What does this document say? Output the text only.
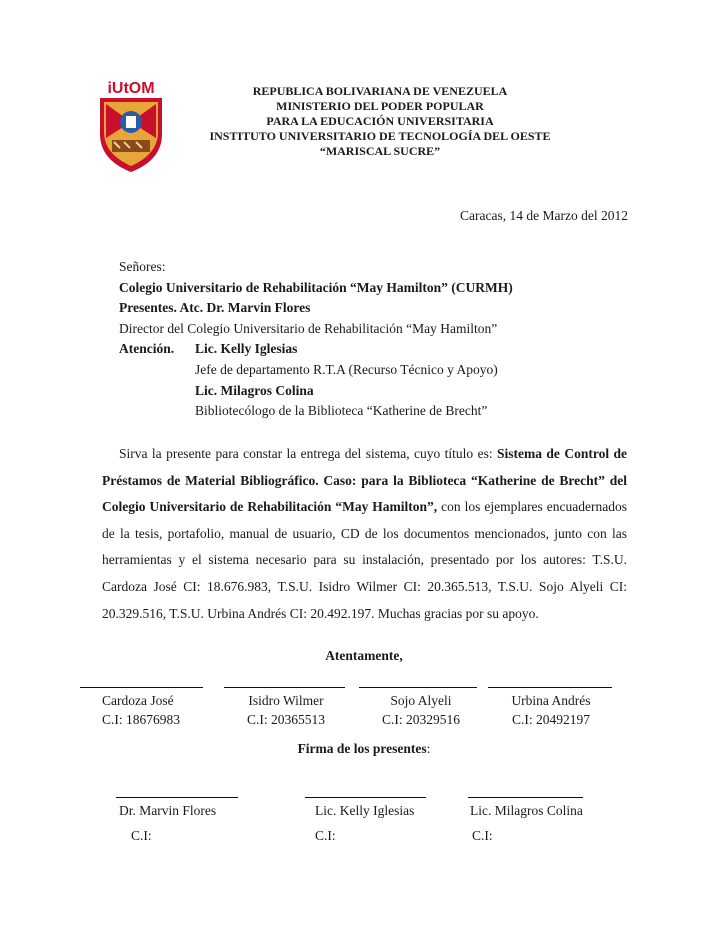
iUtOM	REPUBLICA BOLIVARIANA DE VENEZUELA
MINISTERIO DEL PODER POPULAR
PARA LA EDUCACIÓN UNIVERSITARIA
INSTITUTO UNIVERSITARIO DE TECNOLOGÍA DEL OESTE
“MARISCAL SUCRE”
Caracas, 14 de Marzo del 2012
Señores:
Colegio Universitario de Rehabilitación “May Hamilton” (CURMH)
Presentes. Atc. Dr. Marvin Flores
Director del Colegio Universitario de Rehabilitación “May Hamilton”
Atención. Lic. Kelly Iglesias
Jefe de departamento R.T.A (Recurso Técnico y Apoyo)
Lic. Milagros Colina
Bibliotecólogo de la Biblioteca “Katherine de Brecht”
Sirva la presente para constar la entrega del sistema, cuyo título es: Sistema de Control de Préstamos de Material Bibliográfico. Caso: para la Biblioteca “Katherine de Brecht” del Colegio Universitario de Rehabilitación “May Hamilton”, con los ejemplares encuadernados de la tesis, portafolio, manual de usuario, CD de los documentos mencionados, junto con las herramientas y el sistema necesario para su instalación, presentado por los autores: T.S.U. Cardoza José CI: 18.676.983, T.S.U. Isidro Wilmer CI: 20.365.513, T.S.U. Sojo Alyeli CI: 20.329.516, T.S.U. Urbina Andrés CI: 20.492.197. Muchas gracias por su apoyo.
Atentamente,
Cardoza José
C.I: 18676983
Isidro Wilmer
C.I: 20365513
Sojo Alyeli
C.I: 20329516
Urbina Andrés
C.I: 20492197
Firma de los presentes:
Dr. Marvin Flores
C.I:
Lic. Kelly Iglesias
C.I:
Lic. Milagros Colina
C.I:
